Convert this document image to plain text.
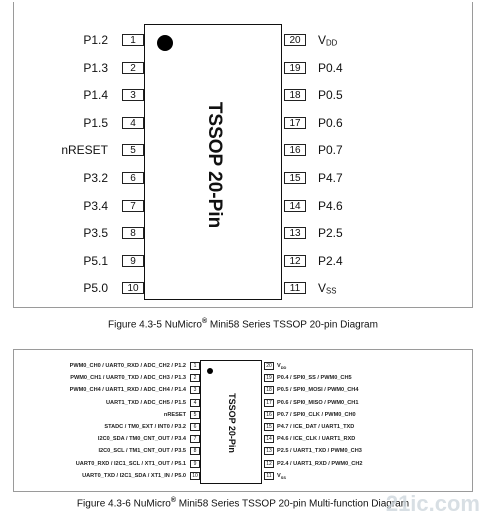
TSSOP 20-Pin
1
P1.2
2
P1.3
3
P1.4
4
P1.5
5
nRESET
6
P3.2
7
P3.4
8
P3.5
9
P5.1
10
P5.0
20	$V_{DD}$
19	P0.4
18	P0.5
17	P0.6
16	P0.7
15	P4.7
14	P4.6
13	P2.5
12	P2.4
11	$V_{SS}$
Figure 4.3-5 NuMicro® Mini58 Series TSSOP 20-pin Diagram
TSSOP 20-Pin
1
PWM0_CH0 / UART0_RXD / ADC_CH2 / P1.2
2
PWM0_CH1 / UART0_TXD / ADC_CH3 / P1.3
3
PWM0_CH4 / UART1_RXD / ADC_CH4 / P1.4
4
UART1_TXD / ADC_CH5 / P1.5
5
nRESET
6
STADC / TM0_EXT / INT0 / P3.2
7
I2C0_SDA / TM0_CNT_OUT / P3.4
8
I2C0_SCL / TM1_CNT_OUT / P3.5
9
UART0_RXD / I2C1_SCL / XT1_OUT / P5.1
10
UART0_TXD / I2C1_SDA / XT1_IN / P5.0
20 $V_{DD}$
19 P0.4 / SPI0_SS / PWM0_CH5
18 P0.5 / SPI0_MOSI / PWM0_CH4
17 P0.6 / SPI0_MISO / PWM0_CH1
16 P0.7 / SPI0_CLK / PWM0_CH0
15 P4.7 / ICE_DAT / UART1_TXD
14 P4.6 / ICE_CLK / UART1_RXD
13 P2.5 / UART1_TXD / PWM0_CH3
12 P2.4 / UART1_RXD / PWM0_CH2
11 $V_{SS}$
Figure 4.3-6 NuMicro® Mini58 Series TSSOP 20-pin Multi-function Diagram
21ic.com
